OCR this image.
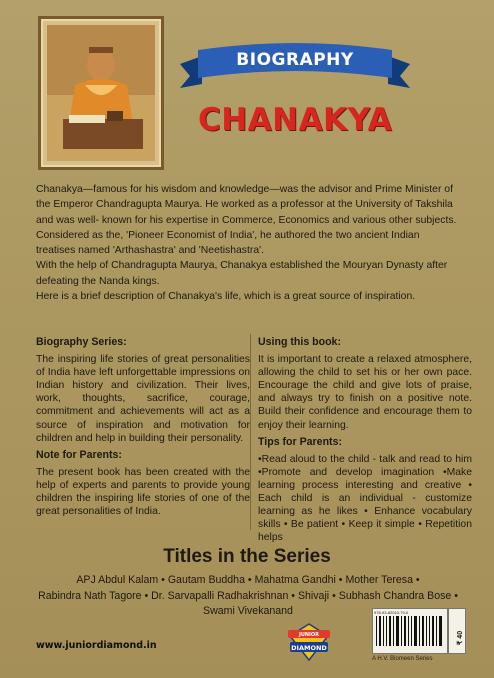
BIOGRAPHY
CHANAKYA

Chanakya—famous for his wisdom and knowledge—was the advisor and Prime Minister of the Emperor Chandragupta Maurya. He worked as a professor at the University of Takshila and was well- known for his expertise in Commerce, Economics and various other subjects.

Considered as the, 'Pioneer Economist of India', he authored the two ancient Indian treatises named 'Arthashastra' and 'Neetishastra'.

With the help of Chandragupta Maurya, Chanakya established the Mouryan Dynasty after defeating the Nanda kings.

Here is a brief description of Chanakya's life, which is a great source of inspiration.

Biography Series:

The inspiring life stories of great personalities of India have left unforgettable impressions on Indian history and civilization. Their lives, work, thoughts, sacrifice, courage, commitment and achievements will act as a source of inspiration and motivation for children and help in building their personality.

Note for Parents:

The present book has been created with the help of experts and parents to provide young children the inspiring life stories of one of the great personalities of India.

Using this book:

It is important to create a relaxed atmosphere, allowing the child to set his or her own pace. Encourage the child and give lots of praise, and always try to finish on a positive note. Build their confidence and encourage them to enjoy their learning.

Tips for Parents:

•Read aloud to the child - talk and read to him •Promote and develop imagination •Make learning process interesting and creative • Each child is an individual - customize learning as he likes • Enhance vocabulary skills • Be patient • Keep it simple • Repetition helps

Titles in the Series
APJ Abdul Kalam • Gautam Buddha • Mahatma Gandhi • Mother Teresa • Rabindra Nath Tagore • Dr. Sarvapalli Radhakrishnan • Shivaji • Subhash Chandra Bose • Swami Vivekanand
www.juniordiamond.in
JUNIOR
DIAMOND
978-93-82010-79-0
₹ 40
A H.V. Biomeen Series
